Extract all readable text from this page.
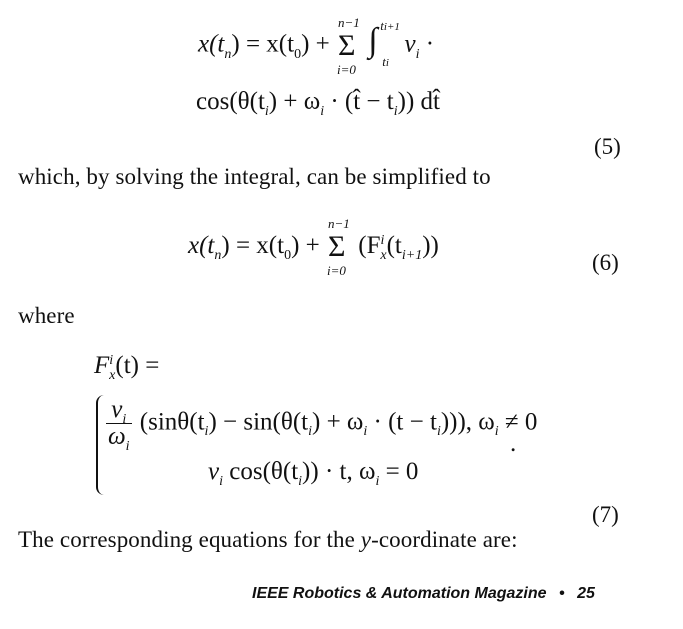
$x(t_n) = x(t_0)$ +
n−1
Σ
i=0

∫ ti+1
ti
$v_i$ ·
$\cos(\theta(t_i) + \omega_i$ · (t̂ − $t_i$)) dt̂
(5)
which, by solving the integral, can be simplified to
$x(t_n) = x(t_0)$ +
n−1
Σ
i=0
$(F^i_x(t_{i+1}))$
(6)
where
$F^i_x(t)$ =
$\frac{v_i}{\omega_i} (\sin\theta(t_i) - \sin(\theta(t_i) + \omega_i \cdot (t - t_i)))$, $\omega_i \ne 0$
.
$v_i$ $\cos(\theta(t_i)) \cdot t$, $\omega_i = 0$
(7)
The corresponding equations for the y-coordinate are:
IEEE Robotics & Automation Magazine • 25
